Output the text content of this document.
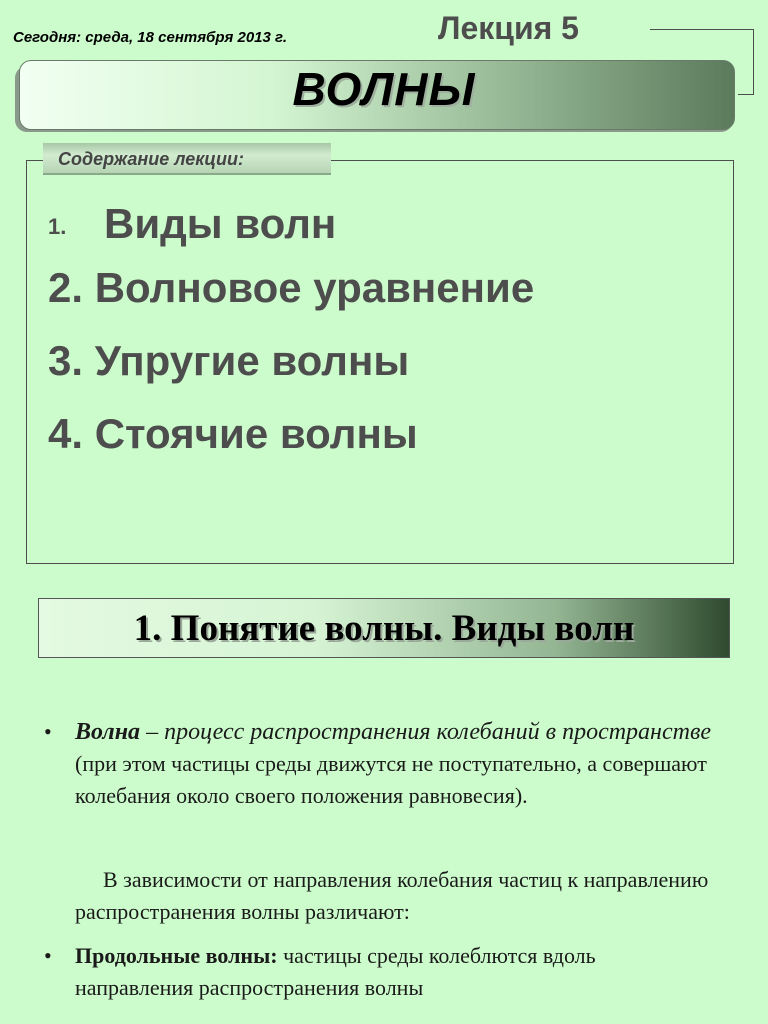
Сегодня: среда, 18 сентября 2013 г.	Лекция 5
ВОЛНЫ
Содержание лекции:
1. Виды волн
2. Волновое уравнение
3. Упругие волны
4. Стоячие волны
1. Понятие волны. Виды волн
• Волна – процесс распространения колебаний в пространстве (при этом частицы среды движутся не поступательно, а совершают колебания около своего положения равновесия).
В зависимости от направления колебания частиц к направлению распространения волны различают:
• Продольные волны: частицы среды колеблются вдоль направления распространения волны
